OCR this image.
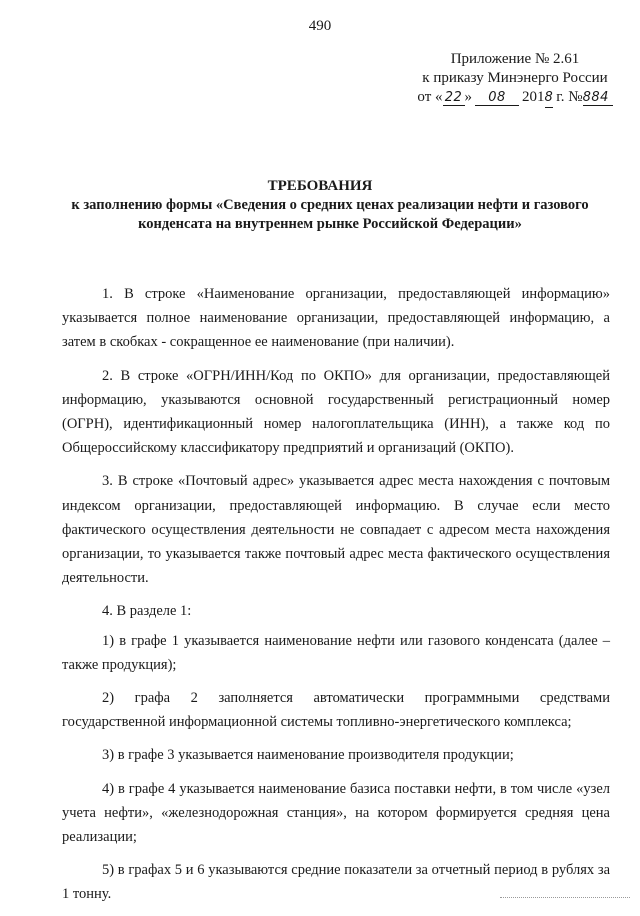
490
Приложение № 2.61
к приказу Минэнерго России
от « 22 » 08 2018 г. №884
ТРЕБОВАНИЯ
к заполнению формы «Сведения о средних ценах реализации нефти и газового конденсата на внутреннем рынке Российской Федерации»

1. В строке «Наименование организации, предоставляющей информацию» указывается полное наименование организации, предоставляющей информацию, а затем в скобках - сокращенное ее наименование (при наличии).

2. В строке «ОГРН/ИНН/Код по ОКПО» для организации, предоставляющей информацию, указываются основной государственный регистрационный номер (ОГРН), идентификационный номер налогоплательщика (ИНН), а также код по Общероссийскому классификатору предприятий и организаций (ОКПО).

3. В строке «Почтовый адрес» указывается адрес места нахождения с почтовым индексом организации, предоставляющей информацию. В случае если место фактического осуществления деятельности не совпадает с адресом места нахождения организации, то указывается также почтовый адрес места фактического осуществления деятельности.

4. В разделе 1:

1) в графе 1 указывается наименование нефти или газового конденсата (далее – также продукция);

2) графа 2 заполняется автоматически программными средствами государственной информационной системы топливно-энергетического комплекса;

3) в графе 3 указывается наименование производителя продукции;

4) в графе 4 указывается наименование базиса поставки нефти, в том числе «узел учета нефти», «железнодорожная станция», на котором формируется средняя цена реализации;

5) в графах 5 и 6 указываются средние показатели за отчетный период в рублях за 1 тонну.
